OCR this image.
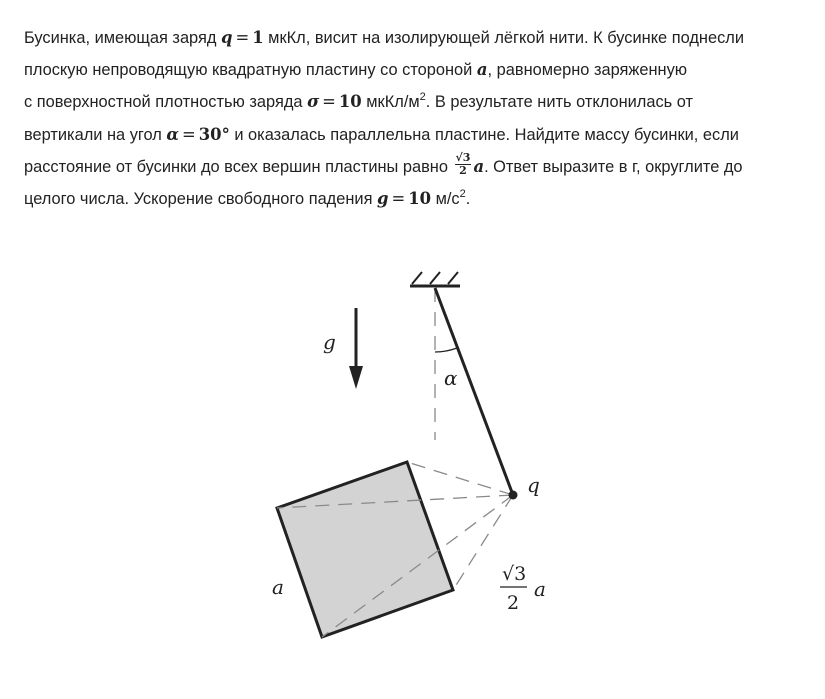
Бусинка, имеющая заряд q = 1 мкКл, висит на изолирующей лёгкой нити. К бусинке поднесли
плоскую непроводящую квадратную пластину со стороной a, равномерно заряженную
с поверхностной плотностью заряда σ = 10 мкКл/$м^2$. В результате нить отклонилась от
вертикали на угол α = 30° и оказалась параллельна пластине. Найдите массу бусинки, если
расстояние от бусинки до всех вершин пластины равно $\frac{√3}{2} a$. Ответ выразите в г, округлите до
целого числа. Ускорение свободного падения g = 10 $м/с^2$.
g
α
q
a
√3
2
a
